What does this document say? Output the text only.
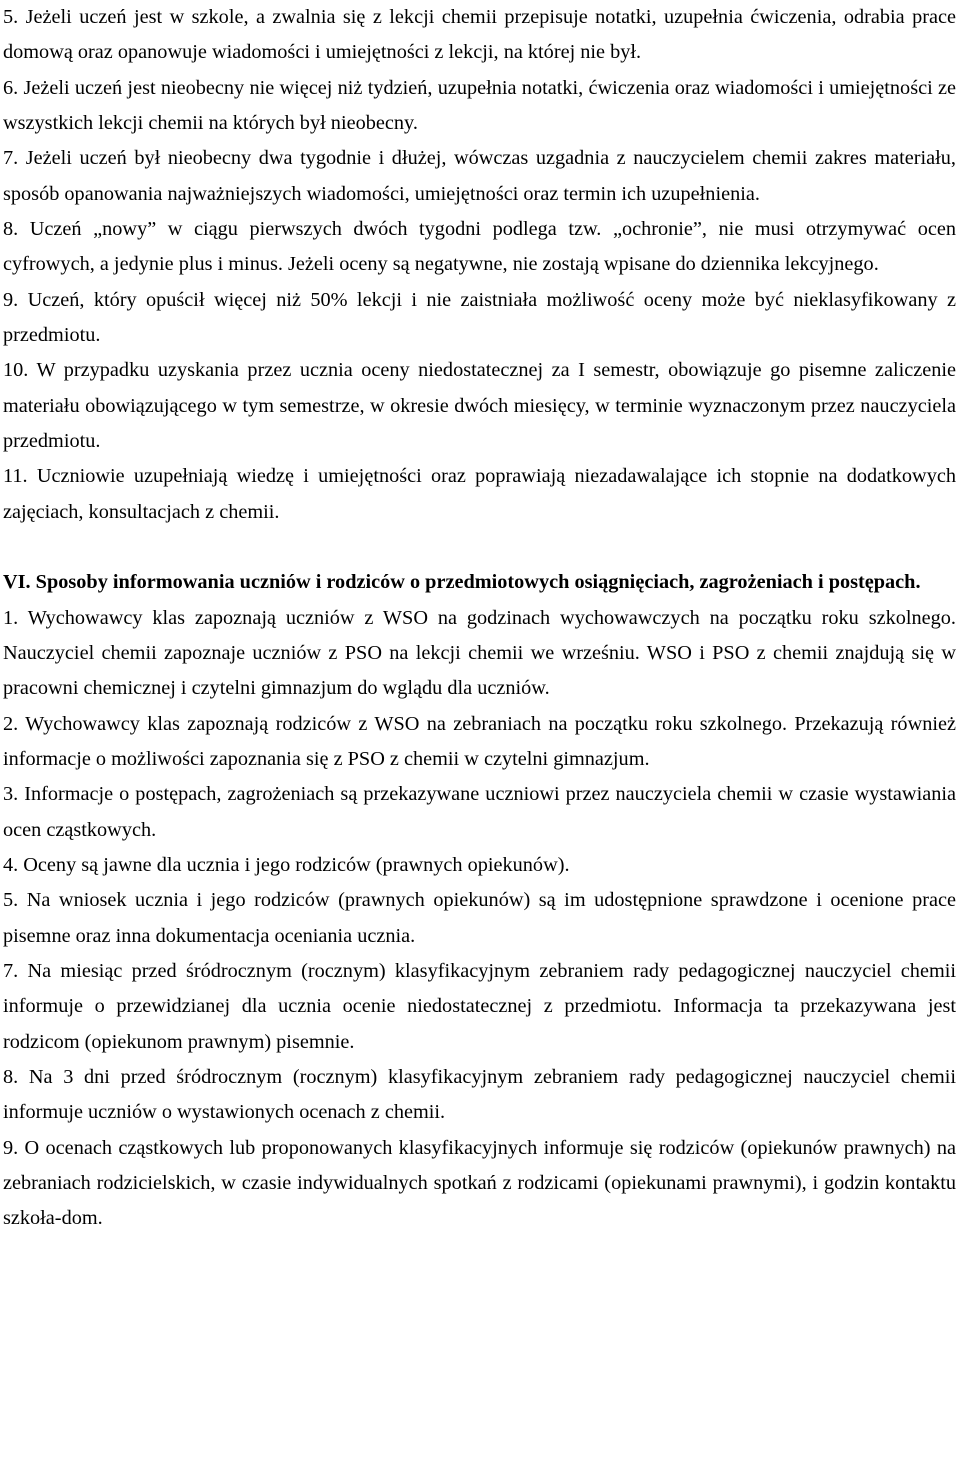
5. Jeżeli uczeń jest w szkole, a zwalnia się z lekcji chemii przepisuje notatki, uzupełnia ćwiczenia, odrabia prace domową oraz opanowuje wiadomości i umiejętności z lekcji, na której nie był.

6. Jeżeli uczeń jest nieobecny nie więcej niż tydzień, uzupełnia notatki, ćwiczenia oraz wiadomości i umiejętności ze wszystkich lekcji chemii na których był nieobecny.

7. Jeżeli uczeń był nieobecny dwa tygodnie i dłużej, wówczas uzgadnia z nauczycielem chemii zakres materiału, sposób opanowania najważniejszych wiadomości, umiejętności oraz termin ich uzupełnienia.

8. Uczeń „nowy” w ciągu pierwszych dwóch tygodni podlega tzw. „ochronie”, nie musi otrzymywać ocen cyfrowych, a jedynie plus i minus. Jeżeli oceny są negatywne, nie zostają wpisane do dziennika lekcyjnego.

9. Uczeń, który opuścił więcej niż 50% lekcji i nie zaistniała możliwość oceny może być nieklasyfikowany z przedmiotu.

10. W przypadku uzyskania przez ucznia oceny niedostatecznej za I semestr, obowiązuje go pisemne zaliczenie materiału obowiązującego w tym semestrze, w okresie dwóch miesięcy, w terminie wyznaczonym przez nauczyciela przedmiotu.

11. Uczniowie uzupełniają wiedzę i umiejętności oraz poprawiają niezadawalające ich stopnie na dodatkowych zajęciach, konsultacjach z chemii.

VI. Sposoby informowania uczniów i rodziców o przedmiotowych osiągnięciach, zagrożeniach i postępach.

1. Wychowawcy klas zapoznają uczniów z WSO na godzinach wychowawczych na początku roku szkolnego. Nauczyciel chemii zapoznaje uczniów z PSO na lekcji chemii we wrześniu. WSO i PSO z chemii znajdują się w pracowni chemicznej i czytelni gimnazjum do wglądu dla uczniów.

2. Wychowawcy klas zapoznają rodziców z WSO na zebraniach na początku roku szkolnego. Przekazują również informacje o możliwości zapoznania się z PSO z chemii w czytelni gimnazjum.

3. Informacje o postępach, zagrożeniach są przekazywane uczniowi przez nauczyciela chemii w czasie wystawiania ocen cząstkowych.

4. Oceny są jawne dla ucznia i jego rodziców (prawnych opiekunów).

5. Na wniosek ucznia i jego rodziców (prawnych opiekunów) są im udostępnione sprawdzone i ocenione prace pisemne oraz inna dokumentacja oceniania ucznia.

7. Na miesiąc przed śródrocznym (rocznym) klasyfikacyjnym zebraniem rady pedagogicznej nauczyciel chemii informuje o przewidzianej dla ucznia ocenie niedostatecznej z przedmiotu. Informacja ta przekazywana jest rodzicom (opiekunom prawnym) pisemnie.

8. Na 3 dni przed śródrocznym (rocznym) klasyfikacyjnym zebraniem rady pedagogicznej nauczyciel chemii informuje uczniów o wystawionych ocenach z chemii.

9. O ocenach cząstkowych lub proponowanych klasyfikacyjnych informuje się rodziców (opiekunów prawnych) na zebraniach rodzicielskich, w czasie indywidualnych spotkań z rodzicami (opiekunami prawnymi), i godzin kontaktu szkoła-dom.
